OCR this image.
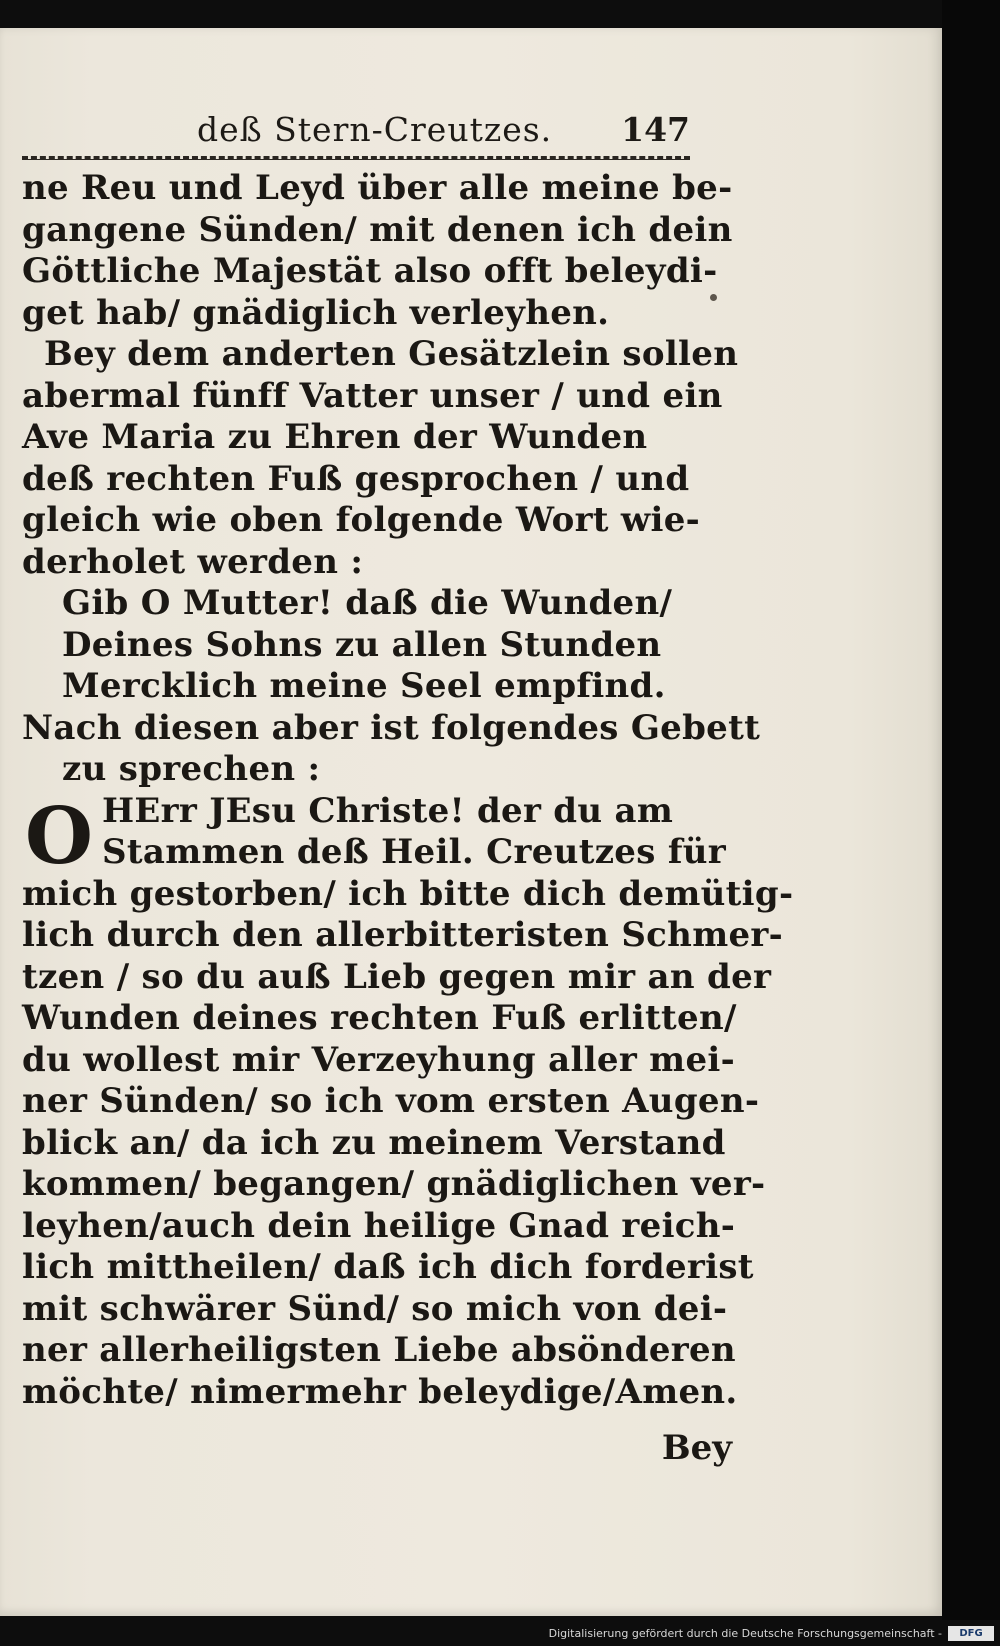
deß Stern-Creutzes. 147
ne Reu und Leyd über alle meine be-
gangene Sünden/ mit denen ich dein
Göttliche Majestät also offt beleydi-
get hab/ gnädiglich verleyhen.
Bey dem anderten Gesätzlein sollen
abermal fünff Vatter unser / und ein
Ave Maria zu Ehren der Wunden
deß rechten Fuß gesprochen / und
gleich wie oben folgende Wort wie-
derholet werden :
Gib O Mutter! daß die Wunden/
Deines Sohns zu allen Stunden
Mercklich meine Seel empfind.
Nach diesen aber ist folgendes Gebett
zu sprechen :
O HErr JEsu Christe! der du am
Stammen deß Heil. Creutzes für
mich gestorben/ ich bitte dich demütig-
lich durch den allerbitteristen Schmer-
tzen / so du auß Lieb gegen mir an der
Wunden deines rechten Fuß erlitten/
du wollest mir Verzeyhung aller mei-
ner Sünden/ so ich vom ersten Augen-
blick an/ da ich zu meinem Verstand
kommen/ begangen/ gnädiglichen ver-
leyhen/auch dein heilige Gnad reich-
lich mittheilen/ daß ich dich forderist
mit schwärer Sünd/ so mich von dei-
ner allerheiligsten Liebe absönderen
möchte/ nimermehr beleydige/Amen.
Bey
Digitalisierung gefördert durch die Deutsche Forschungsgemeinschaft -	DFG
